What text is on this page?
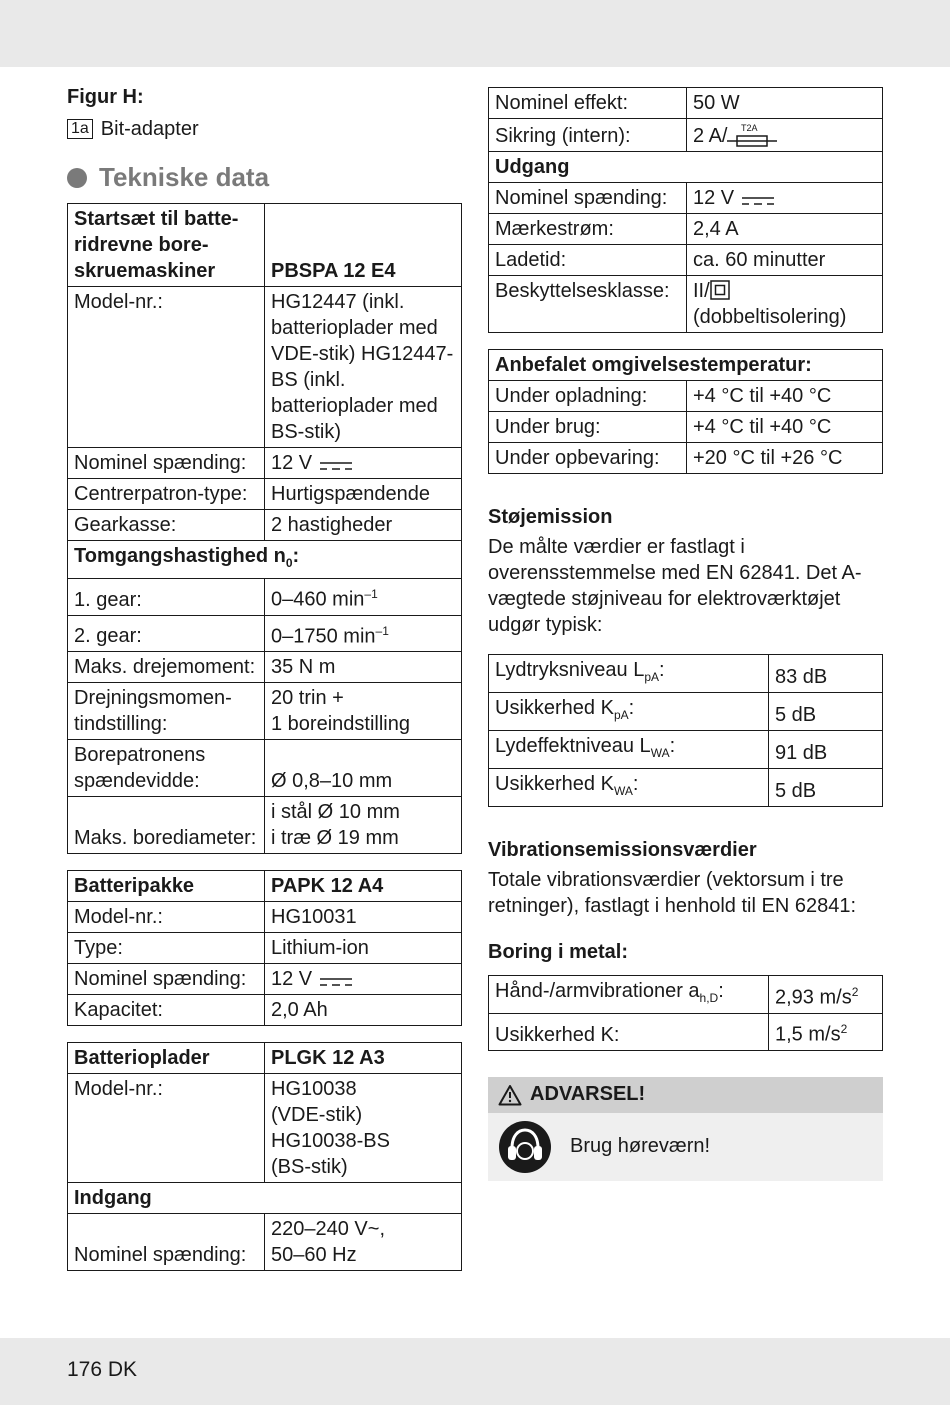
Figur H:
1a Bit-adapter
Tekniske data
Startsæt til batte-
ridrevne bore-
skruemaskiner	PBSPA 12 E4
Model-nr.:	HG12447 (inkl. batterioplader med VDE-stik) HG12447-BS (inkl. batterioplader med BS-stik)
Nominel spænding:	12 V
Centrerpatron-type:	Hurtigspændende
Gearkasse:	2 hastigheder
Tomgangshastighed $n_0$:	
1. gear:	0–460 $\min^{-1}$
2. gear:	0–1750 $\min^{-1}$
Maks. drejemoment:	35 N m
Drejningsmomen-
tindstilling:	20 trin +
1 boreindstilling
Borepatronens spændevidde:	Ø 0,8–10 mm
Maks. borediameter:	i stål Ø 10 mm
i træ Ø 19 mm
Batteripakke	PAPK 12 A4
Model-nr.:	HG10031
Type:	Lithium-ion
Nominel spænding:	12 V
Kapacitet:	2,0 Ah
Batterioplader	PLGK 12 A3
Model-nr.:	HG10038
(VDE-stik)
HG10038-BS
(BS-stik)
Indgang	
Nominel spænding:	220–240 V~,
50–60 Hz
Nominel effekt:	50 W
Sikring (intern):	2 A/ T2A

Udgang	
Nominel spænding:	12 V
Mærkestrøm:	2,4 A
Ladetid:	ca. 60 minutter
Beskyttelsesklasse:	II/
(dobbeltisolering)
Anbefalet omgivelsestemperatur:	
Under opladning:	+4 °C til +40 °C
Under brug:	+4 °C til +40 °C
Under opbevaring:	+20 °C til +26 °C
Støjemission
De målte værdier er fastlagt i overensstemmelse med EN 62841. Det A-vægtede støjniveau for elektroværktøjet udgør typisk:
Lydtryksniveau $L_{pA}$:	83 dB
Usikkerhed $K_{pA}$:	5 dB
Lydeffektniveau $L_{WA}$:	91 dB
Usikkerhed $K_{WA}$:	5 dB
Vibrationsemissionsværdier
Totale vibrationsværdier (vektorsum i tre retninger), fastlagt i henhold til EN 62841:
Boring i metal:
Hånd-/armvibrationer $a_{h,D}$:	2,93 $m/s^2$
Usikkerhed K:	1,5 $m/s^2$
ADVARSEL!
Brug høreværn!
176 DK
